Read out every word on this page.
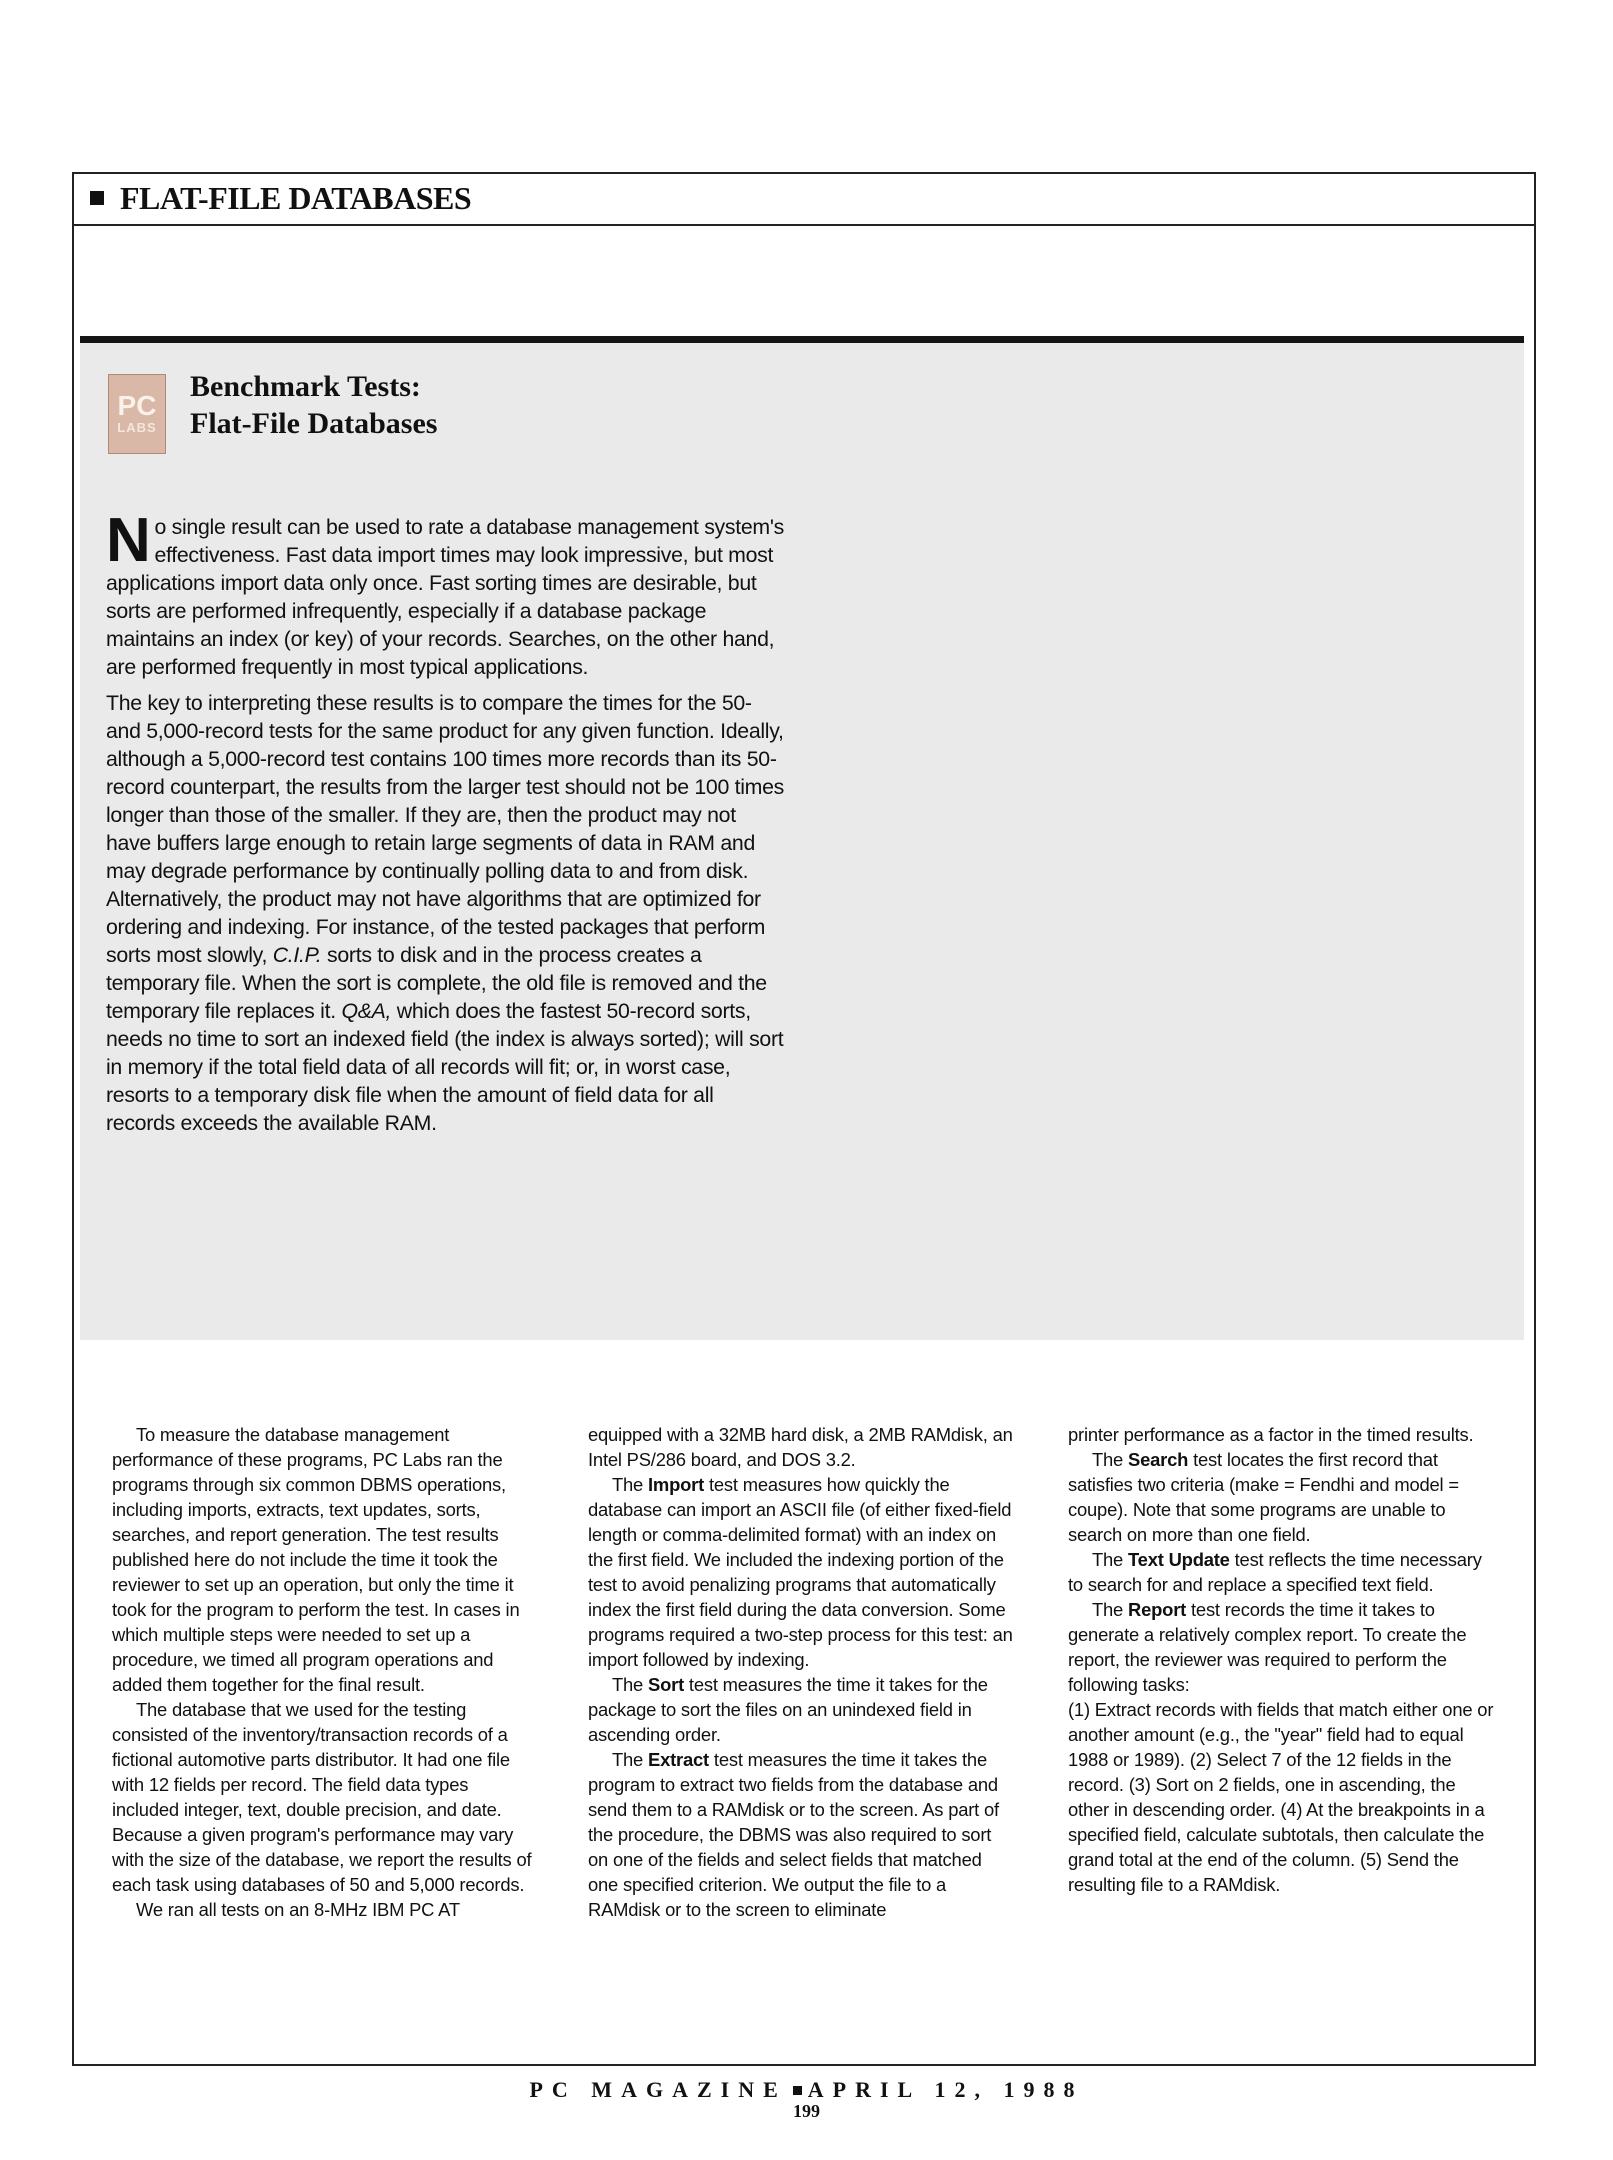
FLAT-FILE DATABASES
PC
LABS
Benchmark Tests:
Flat-File Databases

No single result can be used to rate a database management system's effectiveness. Fast data import times may look impressive, but most applications import data only once. Fast sorting times are desirable, but sorts are performed infrequently, especially if a database package maintains an index (or key) of your records. Searches, on the other hand, are performed frequently in most typical applications.

The key to interpreting these results is to compare the times for the 50- and 5,000-record tests for the same product for any given function. Ideally, although a 5,000-record test contains 100 times more records than its 50-record counterpart, the results from the larger test should not be 100 times longer than those of the smaller. If they are, then the product may not have buffers large enough to retain large segments of data in RAM and may degrade performance by continually polling data to and from disk. Alternatively, the product may not have algorithms that are optimized for ordering and indexing. For instance, of the tested packages that perform sorts most slowly, C.I.P. sorts to disk and in the process creates a temporary file. When the sort is complete, the old file is removed and the temporary file replaces it. Q&A, which does the fastest 50-record sorts, needs no time to sort an indexed field (the index is always sorted); will sort in memory if the total field data of all records will fit; or, in worst case, resorts to a temporary disk file when the amount of field data for all records exceeds the available RAM.

To measure the database management performance of these programs, PC Labs ran the programs through six common DBMS operations, including imports, extracts, text updates, sorts, searches, and report generation. The test results published here do not include the time it took the reviewer to set up an operation, but only the time it took for the program to perform the test. In cases in which multiple steps were needed to set up a procedure, we timed all program operations and added them together for the final result.

The database that we used for the testing consisted of the inventory/transaction records of a fictional automotive parts distributor. It had one file with 12 fields per record. The field data types included integer, text, double precision, and date. Because a given program's performance may vary with the size of the database, we report the results of each task using databases of 50 and 5,000 records.

We ran all tests on an 8-MHz IBM PC AT

equipped with a 32MB hard disk, a 2MB RAMdisk, an Intel PS/286 board, and DOS 3.2.

The Import test measures how quickly the database can import an ASCII file (of either fixed-field length or comma-delimited format) with an index on the first field. We included the indexing portion of the test to avoid penalizing programs that automatically index the first field during the data conversion. Some programs required a two-step process for this test: an import followed by indexing.

The Sort test measures the time it takes for the package to sort the files on an unindexed field in ascending order.

The Extract test measures the time it takes the program to extract two fields from the database and send them to a RAMdisk or to the screen. As part of the procedure, the DBMS was also required to sort on one of the fields and select fields that matched one specified criterion. We output the file to a RAMdisk or to the screen to eliminate

printer performance as a factor in the timed results.

The Search test locates the first record that satisfies two criteria (make = Fendhi and model = coupe). Note that some programs are unable to search on more than one field.

The Text Update test reflects the time necessary to search for and replace a specified text field.

The Report test records the time it takes to generate a relatively complex report. To create the report, the reviewer was required to perform the following tasks:

(1) Extract records with fields that match either one or another amount (e.g., the "year" field had to equal 1988 or 1989). (2) Select 7 of the 12 fields in the record. (3) Sort on 2 fields, one in ascending, the other in descending order. (4) At the breakpoints in a specified field, calculate subtotals, then calculate the grand total at the end of the column. (5) Send the resulting file to a RAMdisk.

PC MAGAZINE APRIL 12, 1988
199
